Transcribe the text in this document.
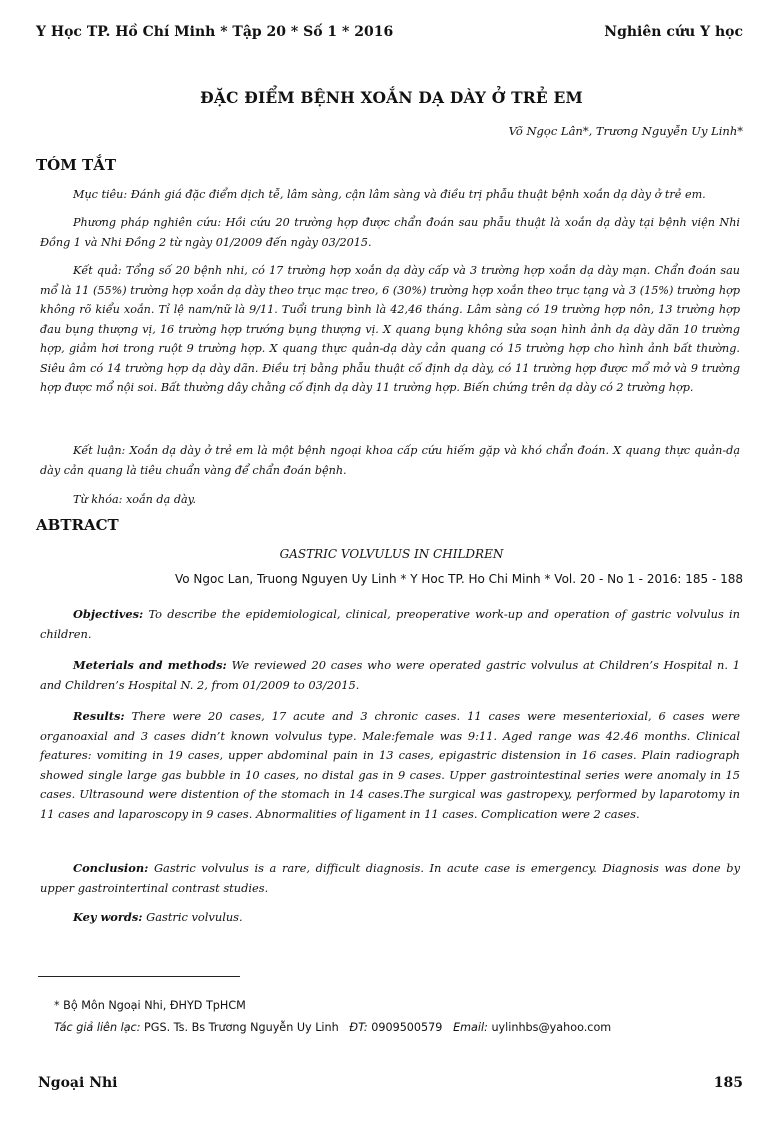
Y Học TP. Hồ Chí Minh * Tập 20 * Số 1 * 2016	Nghiên cứu Y học
ĐẶC ĐIỂM BỆNH XOẮN DẠ DÀY Ở TRẺ EM
Võ Ngọc Lân*, Trương Nguyễn Uy Linh*
TÓM TẮT

Mục tiêu: Đánh giá đặc điểm dịch tễ, lâm sàng, cận lâm sàng và điều trị phẫu thuật bệnh xoắn dạ dày ở trẻ em.

Phương pháp nghiên cứu: Hồi cứu 20 trường hợp được chẩn đoán sau phẫu thuật là xoắn dạ dày tại bệnh viện Nhi Đồng 1 và Nhi Đồng 2 từ ngày 01/2009 đến ngày 03/2015.

Kết quả: Tổng số 20 bệnh nhi, có 17 trường hợp xoắn dạ dày cấp và 3 trường hợp xoắn dạ dày mạn. Chẩn đoán sau mổ là 11 (55%) trường hợp xoắn dạ dày theo trục mạc treo, 6 (30%) trường hợp xoắn theo trục tạng và 3 (15%) trường hợp không rõ kiểu xoắn. Tỉ lệ nam/nữ là 9/11. Tuổi trung bình là 42,46 tháng. Lâm sàng có 19 trường hợp nôn, 13 trường hợp đau bụng thượng vị, 16 trường hợp trướng bụng thượng vị. X quang bụng không sửa soạn hình ảnh dạ dày dãn 10 trường hợp, giảm hơi trong ruột 9 trường hợp. X quang thực quản-dạ dày cản quang có 15 trường hợp cho hình ảnh bất thường. Siêu âm có 14 trường hợp dạ dày dãn. Điều trị bằng phẫu thuật cố định dạ dày, có 11 trường hợp được mổ mở và 9 trường hợp được mổ nội soi. Bất thường dây chằng cố định dạ dày 11 trường hợp. Biến chứng trên dạ dày có 2 trường hợp.

Kết luận: Xoắn dạ dày ở trẻ em là một bệnh ngoại khoa cấp cứu hiếm gặp và khó chẩn đoán. X quang thực quản-dạ dày cản quang là tiêu chuẩn vàng để chẩn đoán bệnh.

Từ khóa: xoắn dạ dày.

ABTRACT
GASTRIC VOLVULUS IN CHILDREN
Vo Ngoc Lan, Truong Nguyen Uy Linh * Y Hoc TP. Ho Chi Minh * Vol. 20 - No 1 - 2016: 185 - 188

Objectives: To describe the epidemiological, clinical, preoperative work-up and operation of gastric volvulus in children.

Meterials and methods: We reviewed 20 cases who were operated gastric volvulus at Children’s Hospital n. 1 and Children’s Hospital N. 2, from 01/2009 to 03/2015.

Results: There were 20 cases, 17 acute and 3 chronic cases. 11 cases were mesenterioxial, 6 cases were organoaxial and 3 cases didn’t known volvulus type. Male:female was 9:11. Aged range was 42.46 months. Clinical features: vomiting in 19 cases, upper abdominal pain in 13 cases, epigastric distension in 16 cases. Plain radiograph showed single large gas bubble in 10 cases, no distal gas in 9 cases. Upper gastrointestinal series were anomaly in 15 cases. Ultrasound were distention of the stomach in 14 cases.The surgical was gastropexy, performed by laparotomy in 11 cases and laparoscopy in 9 cases. Abnormalities of ligament in 11 cases. Complication were 2 cases.

Conclusion: Gastric volvulus is a rare, difficult diagnosis. In acute case is emergency. Diagnosis was done by upper gastrointertinal contrast studies.

Key words: Gastric volvulus.

* Bộ Môn Ngoại Nhi, ĐHYD TpHCM
Tác giả liên lạc: PGS. Ts. Bs Trương Nguyễn Uy Linh ĐT: 0909500579 Email: uylinhbs@yahoo.com
Ngoại Nhi	185
